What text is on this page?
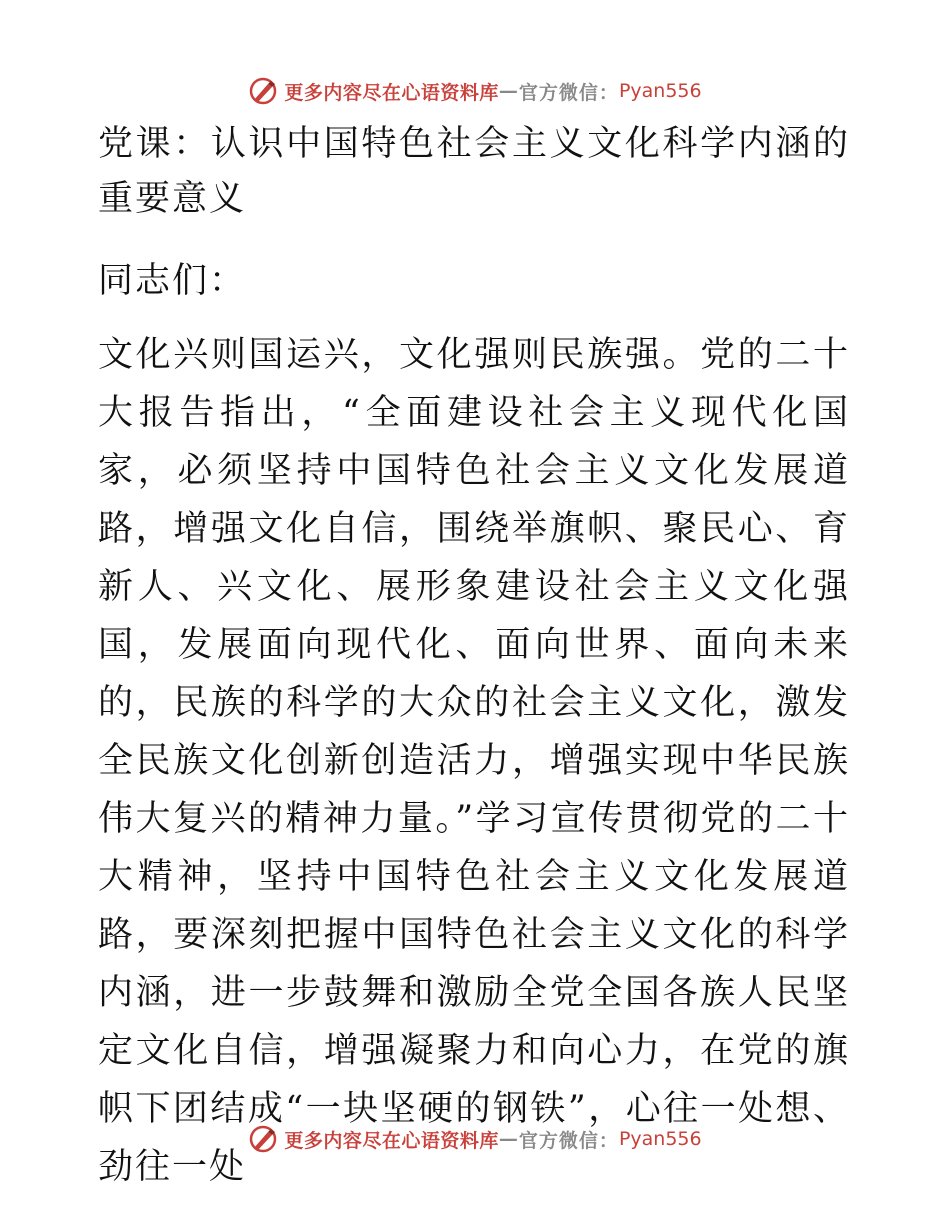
更多内容尽在心语资料库 — 官方微信： Pyan556
党课：认识中国特色社会主义文化科学内涵的重要意义
同志们：
文化兴则国运兴，文化强则民族强。党的二十大报告指出，“全面建设社会主义现代化国家，必须坚持中国特色社会主义文化发展道路，增强文化自信，围绕举旗帜、聚民心、育新人、兴文化、展形象建设社会主义文化强国，发展面向现代化、面向世界、面向未来的，民族的科学的大众的社会主义文化，激发全民族文化创新创造活力，增强实现中华民族伟大复兴的精神力量。”学习宣传贯彻党的二十大精神，坚持中国特色社会主义文化发展道路，要深刻把握中国特色社会主义文化的科学内涵，进一步鼓舞和激励全党全国各族人民坚定文化自信，增强凝聚力和向心力，在党的旗帜下团结成“一块坚硬的钢铁”，心往一处想、劲往一处
更多内容尽在心语资料库 — 官方微信： Pyan556
